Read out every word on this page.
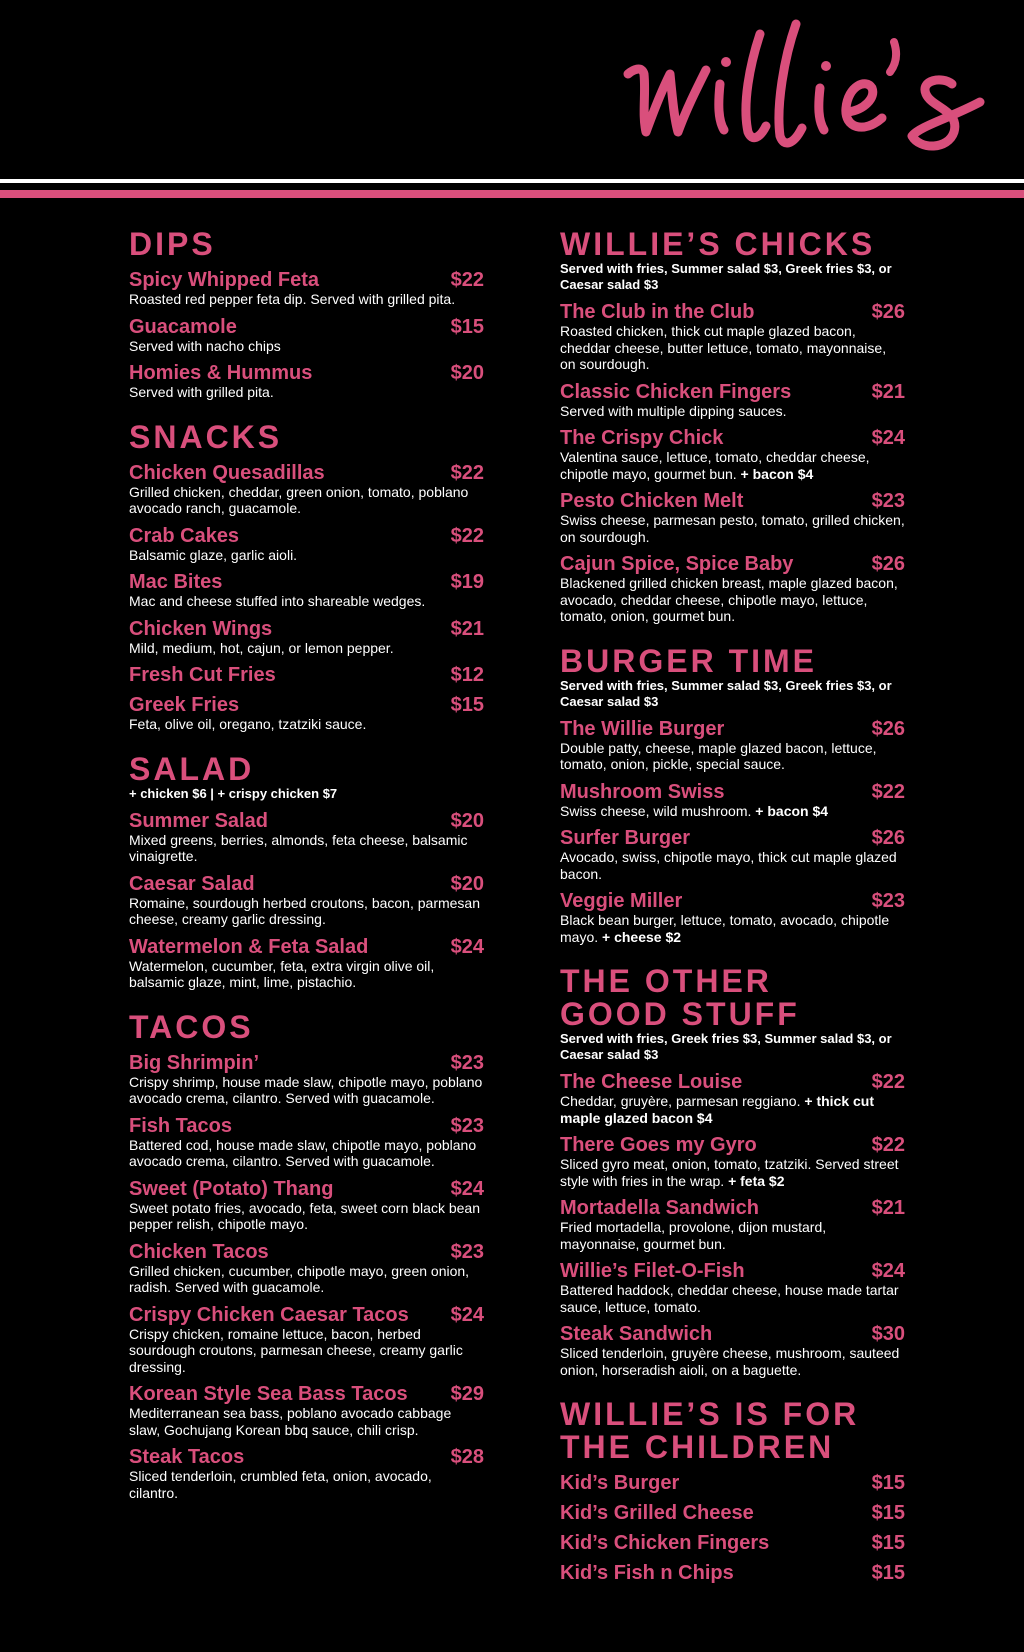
DIPS
Spicy Whipped Feta	$22
Roasted red pepper feta dip. Served with grilled pita.
Guacamole	$15
Served with nacho chips
Homies & Hummus	$20
Served with grilled pita.
SNACKS
Chicken Quesadillas	$22
Grilled chicken, cheddar, green onion, tomato, poblano avocado ranch, guacamole.
Crab Cakes	$22
Balsamic glaze, garlic aioli.
Mac Bites	$19
Mac and cheese stuffed into shareable wedges.
Chicken Wings	$21
Mild, medium, hot, cajun, or lemon pepper.
Fresh Cut Fries	$12
Greek Fries	$15
Feta, olive oil, oregano, tzatziki sauce.
SALAD
+ chicken $6 | + crispy chicken $7
Summer Salad	$20
Mixed greens, berries, almonds, feta cheese, balsamic vinaigrette.
Caesar Salad	$20
Romaine, sourdough herbed croutons, bacon, parmesan cheese, creamy garlic dressing.
Watermelon & Feta Salad	$24
Watermelon, cucumber, feta, extra virgin olive oil, balsamic glaze, mint, lime, pistachio.
TACOS
Big Shrimpin’	$23
Crispy shrimp, house made slaw, chipotle mayo, poblano avocado crema, cilantro. Served with guacamole.
Fish Tacos	$23
Battered cod, house made slaw, chipotle mayo, poblano avocado crema, cilantro. Served with guacamole.
Sweet (Potato) Thang	$24
Sweet potato fries, avocado, feta, sweet corn black bean pepper relish, chipotle mayo.
Chicken Tacos	$23
Grilled chicken, cucumber, chipotle mayo, green onion, radish. Served with guacamole.
Crispy Chicken Caesar Tacos $24
Crispy chicken, romaine lettuce, bacon, herbed sourdough croutons, parmesan cheese, creamy garlic dressing.
Korean Style Sea Bass Tacos $29
Mediterranean sea bass, poblano avocado cabbage slaw, Gochujang Korean bbq sauce, chili crisp.
Steak Tacos	$28
Sliced tenderloin, crumbled feta, onion, avocado, cilantro.
WILLIE’S CHICKS
Served with fries, Summer salad $3, Greek fries $3, or Caesar salad $3
The Club in the Club	$26
Roasted chicken, thick cut maple glazed bacon, cheddar cheese, butter lettuce, tomato, mayonnaise, on sourdough.
Classic Chicken Fingers	$21
Served with multiple dipping sauces.
The Crispy Chick	$24
Valentina sauce, lettuce, tomato, cheddar cheese, chipotle mayo, gourmet bun. + bacon $4
Pesto Chicken Melt	$23
Swiss cheese, parmesan pesto, tomato, grilled chicken, on sourdough.
Cajun Spice, Spice Baby	$26
Blackened grilled chicken breast, maple glazed bacon, avocado, cheddar cheese, chipotle mayo, lettuce, tomato, onion, gourmet bun.
BURGER TIME
Served with fries, Summer salad $3, Greek fries $3, or Caesar salad $3
The Willie Burger	$26
Double patty, cheese, maple glazed bacon, lettuce, tomato, onion, pickle, special sauce.
Mushroom Swiss	$22
Swiss cheese, wild mushroom. + bacon $4
Surfer Burger	$26
Avocado, swiss, chipotle mayo, thick cut maple glazed bacon.
Veggie Miller	$23
Black bean burger, lettuce, tomato, avocado, chipotle mayo. + cheese $2
THE OTHER GOOD STUFF
Served with fries, Greek fries $3, Summer salad $3, or Caesar salad $3
The Cheese Louise	$22
Cheddar, gruyère, parmesan reggiano. + thick cut maple glazed bacon $4
There Goes my Gyro	$22
Sliced gyro meat, onion, tomato, tzatziki. Served street style with fries in the wrap. + feta $2
Mortadella Sandwich	$21
Fried mortadella, provolone, dijon mustard, mayonnaise, gourmet bun.
Willie’s Filet-O-Fish	$24
Battered haddock, cheddar cheese, house made tartar sauce, lettuce, tomato.
Steak Sandwich	$30
Sliced tenderloin, gruyère cheese, mushroom, sauteed onion, horseradish aioli, on a baguette.
WILLIE’S IS FOR THE CHILDREN
Kid’s Burger	$15
Kid’s Grilled Cheese	$15
Kid’s Chicken Fingers	$15
Kid’s Fish n Chips	$15
